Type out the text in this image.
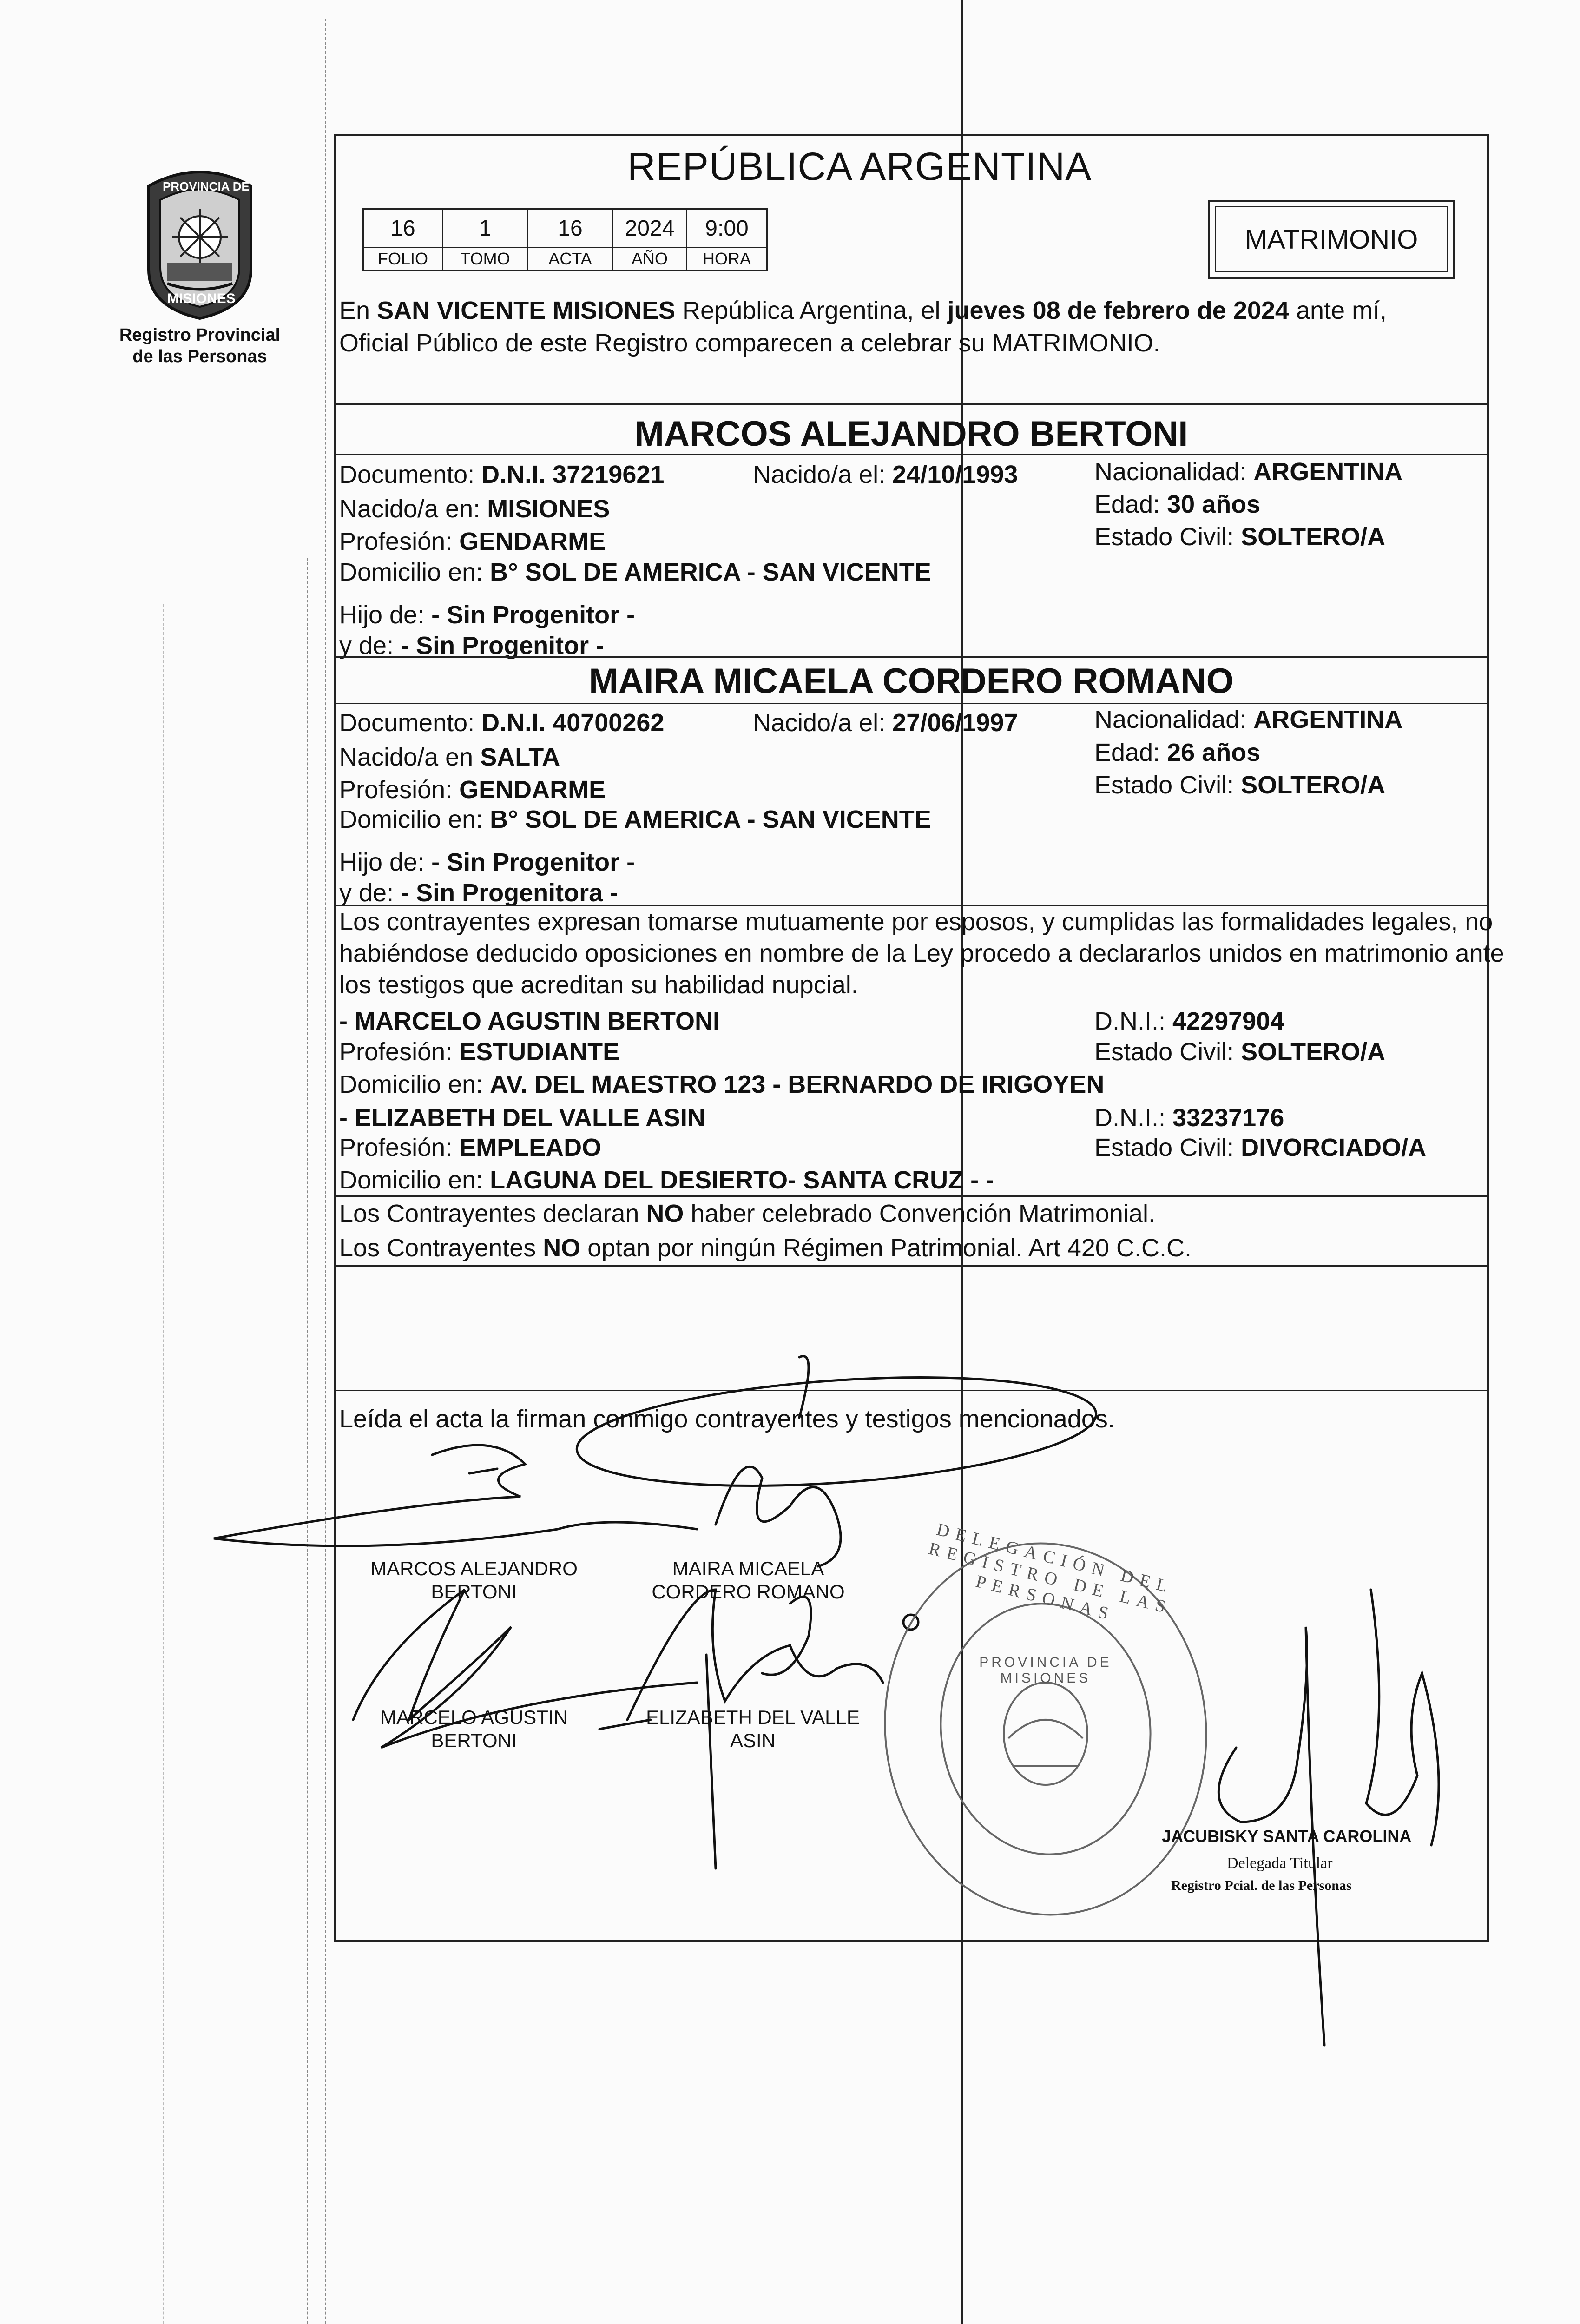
PROVINCIA DE
MISIONES
Registro Provincial
de las Personas
REPÚBLICA ARGENTINA
16	1	16	2024	9:00
FOLIO	TOMO	ACTA	AÑO	HORA
MATRIMONIO
En SAN VICENTE MISIONES República Argentina, el jueves 08 de febrero de 2024 ante mí,
Oficial Público de este Registro comparecen a celebrar su MATRIMONIO.
MARCOS ALEJANDRO BERTONI
Documento: D.N.I. 37219621	Nacido/a el: 24/10/1993	Nacionalidad: ARGENTINA
Nacido/a en: MISIONES	Edad: 30 años
Profesión: GENDARME	Estado Civil: SOLTERO/A
Domicilio en: B° SOL DE AMERICA - SAN VICENTE
Hijo de: - Sin Progenitor -
y de: - Sin Progenitor -
MAIRA MICAELA CORDERO ROMANO
Documento: D.N.I. 40700262	Nacido/a el: 27/06/1997	Nacionalidad: ARGENTINA
Nacido/a en SALTA	Edad: 26 años
Profesión: GENDARME	Estado Civil: SOLTERO/A
Domicilio en: B° SOL DE AMERICA - SAN VICENTE
Hijo de: - Sin Progenitor -
y de: - Sin Progenitora -
Los contrayentes expresan tomarse mutuamente por esposos, y cumplidas las formalidades legales, no
habiéndose deducido oposiciones en nombre de la Ley procedo a declararlos unidos en matrimonio ante
los testigos que acreditan su habilidad nupcial.
- MARCELO AGUSTIN BERTONI	D.N.I.: 42297904
Profesión: ESTUDIANTE	Estado Civil: SOLTERO/A
Domicilio en: AV. DEL MAESTRO 123 - BERNARDO DE IRIGOYEN
- ELIZABETH DEL VALLE ASIN	D.N.I.: 33237176
Profesión: EMPLEADO	Estado Civil: DIVORCIADO/A
Domicilio en: LAGUNA DEL DESIERTO- SANTA CRUZ - -
Los Contrayentes declaran NO haber celebrado Convención Matrimonial.
Los Contrayentes NO optan por ningún Régimen Patrimonial. Art 420 C.C.C.
Leída el acta la firman conmigo contrayentes y testigos mencionados.
MARCOS ALEJANDRO
BERTONI
MAIRA MICAELA
CORDERO ROMANO
MARCELO AGUSTIN
BERTONI
ELIZABETH DEL VALLE
ASIN
DELEGACIÓN DEL REGISTRO DE LAS PERSONAS
PROVINCIA DE MISIONES
JACUBISKY SANTA CAROLINA
Delegada Titular
Registro Pcial. de las Personas
